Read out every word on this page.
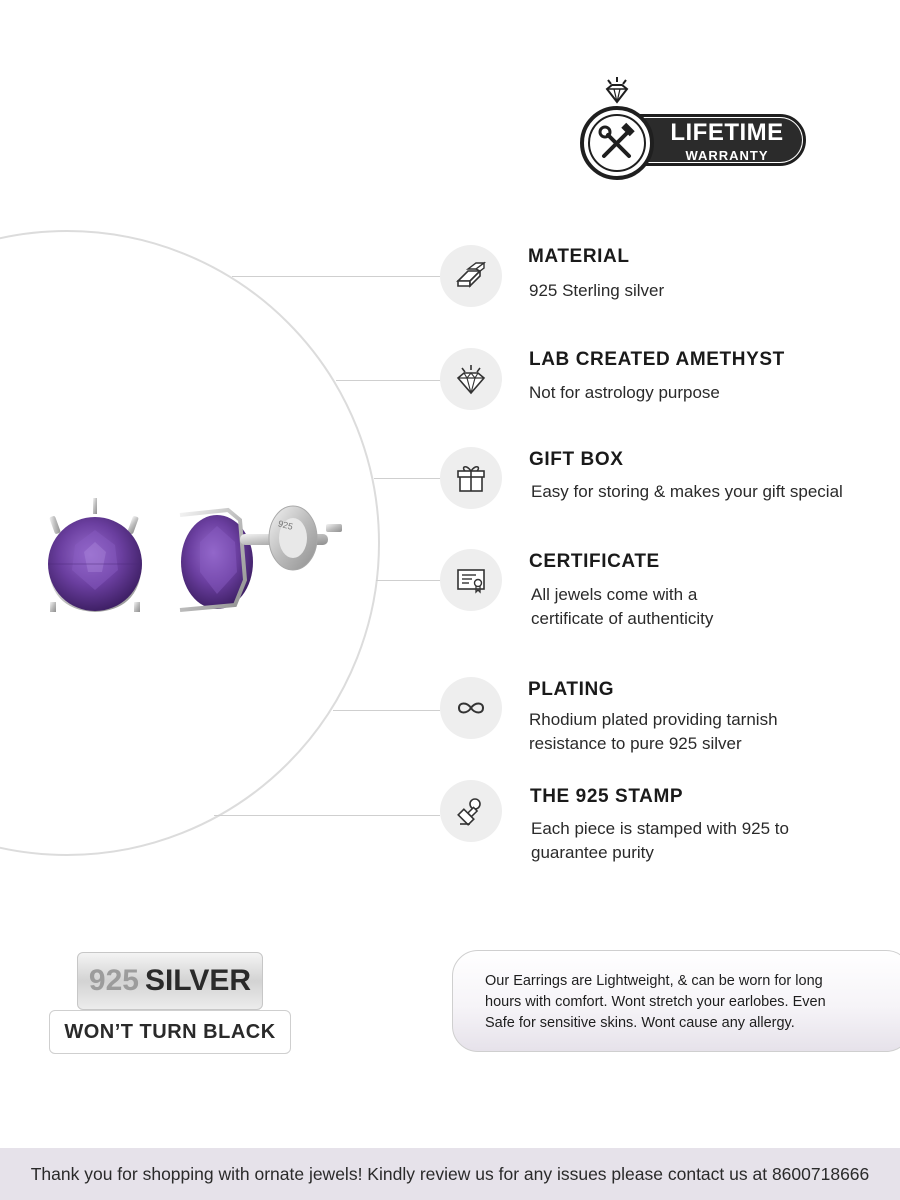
LIFETIME
WARRANTY
925
MATERIAL
925 Sterling silver
LAB CREATED AMETHYST
Not for astrology purpose
GIFT BOX
Easy for storing & makes your gift special
CERTIFICATE
All jewels come with a
certificate of authenticity
PLATING
Rhodium plated providing tarnish
resistance to pure 925 silver
THE 925 STAMP
Each piece is stamped with 925 to
guarantee purity
925 SILVER
WON’T TURN BLACK
Our Earrings are Lightweight, & can be worn for long
hours with comfort. Wont stretch your earlobes. Even
Safe for sensitive skins. Wont cause any allergy.
Thank you for shopping with ornate jewels! Kindly review us for any issues please contact us at 8600718666
